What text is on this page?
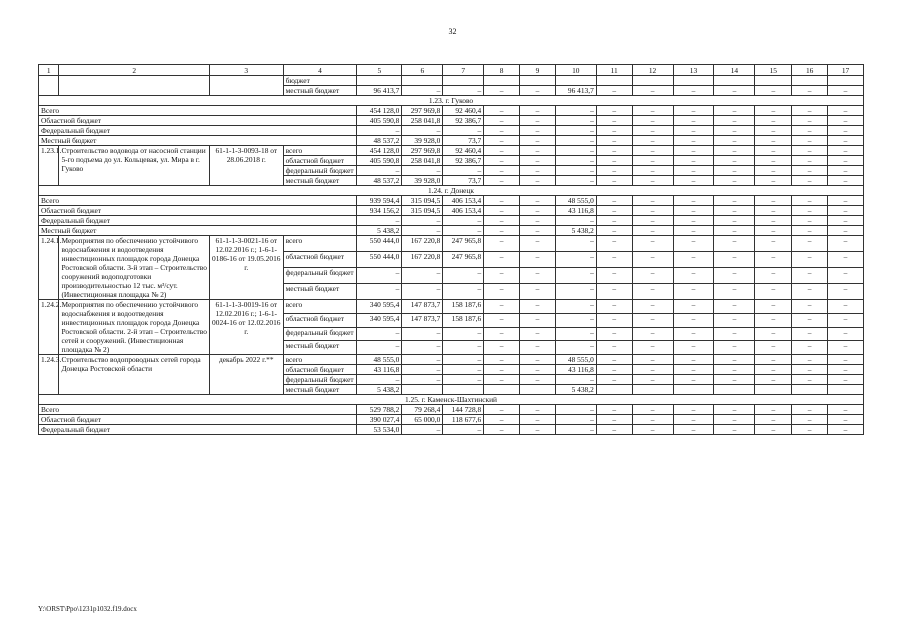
32
1	2	3	4	5	6	7	8	9	10	11	12	13	14	15	16	17
			бюджет													
			местный бюджет	96 413,7	–	–	–	–	96 413,7	–	–	–	–	–	–	–
1.23. г. Гуково																
Всего				454 128,0	297 969,8	92 460,4	–	–	–	–	–	–	–	–	–	–
Областной бюджет				405 590,8	258 041,8	92 386,7	–	–	–	–	–	–	–	–	–	–
Федеральный бюджет				–	–	–	–	–	–	–	–	–	–	–	–	–
Местный бюджет				48 537,2	39 928,0	73,7	–	–	–	–	–	–	–	–	–	–
1.23.1.	Строительство водовода от насосной станции 5-го подъема до ул. Кольцевая, ул. Мира в г. Гуково	61-1-1-3-0093-18 от 28.06.2018 г.	всего	454 128,0	297 969,8	92 460,4	–	–	–	–	–	–	–	–	–	–
			областной бюджет	405 590,8	258 041,8	92 386,7	–	–	–	–	–	–	–	–	–	–
			федеральный бюджет	–	–	–	–	–	–	–	–	–	–	–	–	–
			местный бюджет	48 537,2	39 928,0	73,7	–	–	–	–	–	–	–	–	–	–
1.24. г. Донецк																
Всего				939 594,4	315 094,5	406 153,4	–	–	48 555,0	–	–	–	–	–	–	–
Областной бюджет				934 156,2	315 094,5	406 153,4	–	–	43 116,8	–	–	–	–	–	–	–
Федеральный бюджет				–	–	–	–	–	–	–	–	–	–	–	–	–
Местный бюджет				5 438,2	–	–	–	–	5 438,2	–	–	–	–	–	–	–
1.24.1.	Мероприятия по обеспечению устойчивого водоснабжения и водоотведения инвестиционных площадок города Донецка Ростовской области. 3-й этап – Строительство сооружений водоподготовки производительностью 12 тыс. м³/сут. (Инвестиционная площадка № 2)	61-1-1-3-0021-16 от 12.02.2016 г.; 1-6-1-0186-16 от 19.05.2016 г.	всего	550 444,0	167 220,8	247 965,8	–	–	–	–	–	–	–	–	–	–
			областной бюджет	550 444,0	167 220,8	247 965,8	–	–	–	–	–	–	–	–	–	–
			федеральный бюджет	–	–	–	–	–	–	–	–	–	–	–	–	–
			местный бюджет	–	–	–	–	–	–	–	–	–	–	–	–	–
1.24.2.	Мероприятия по обеспечению устойчивого водоснабжения и водоотведения инвестиционных площадок города Донецка Ростовской области. 2-й этап – Строительство сетей и сооружений. (Инвестиционная площадка № 2)	61-1-1-3-0019-16 от 12.02.2016 г.; 1-6-1-0024-16 от 12.02.2016 г.	всего	340 595,4	147 873,7	158 187,6	–	–	–	–	–	–	–	–	–	–
			областной бюджет	340 595,4	147 873,7	158 187,6	–	–	–	–	–	–	–	–	–	–
			федеральный бюджет	–	–	–	–	–	–	–	–	–	–	–	–	–
			местный бюджет	–	–	–	–	–	–	–	–	–	–	–	–	–
1.24.3.	Строительство водопроводных сетей города Донецка Ростовской области	декабрь 2022 г.**	всего	48 555,0	–	–	–	–	48 555,0	–	–	–	–	–	–	–
			областной бюджет	43 116,8	–	–	–	–	43 116,8	–	–	–	–	–	–	–
			федеральный бюджет	–	–	–	–	–	–	–	–	–	–	–	–	–
			местный бюджет	5 438,2					5 438,2							
1.25. г. Каменск-Шахтинский																
Всего				529 788,2	79 268,4	144 728,8	–	–	–	–	–	–	–	–	–	–
Областной бюджет				390 027,4	65 000,0	118 677,6	–	–	–	–	–	–	–	–	–	–
Федеральный бюджет				53 534,0	–	–	–	–	–	–	–	–	–	–	–	–
Y:\ORST\Ppo\1231p1032.f19.docx
